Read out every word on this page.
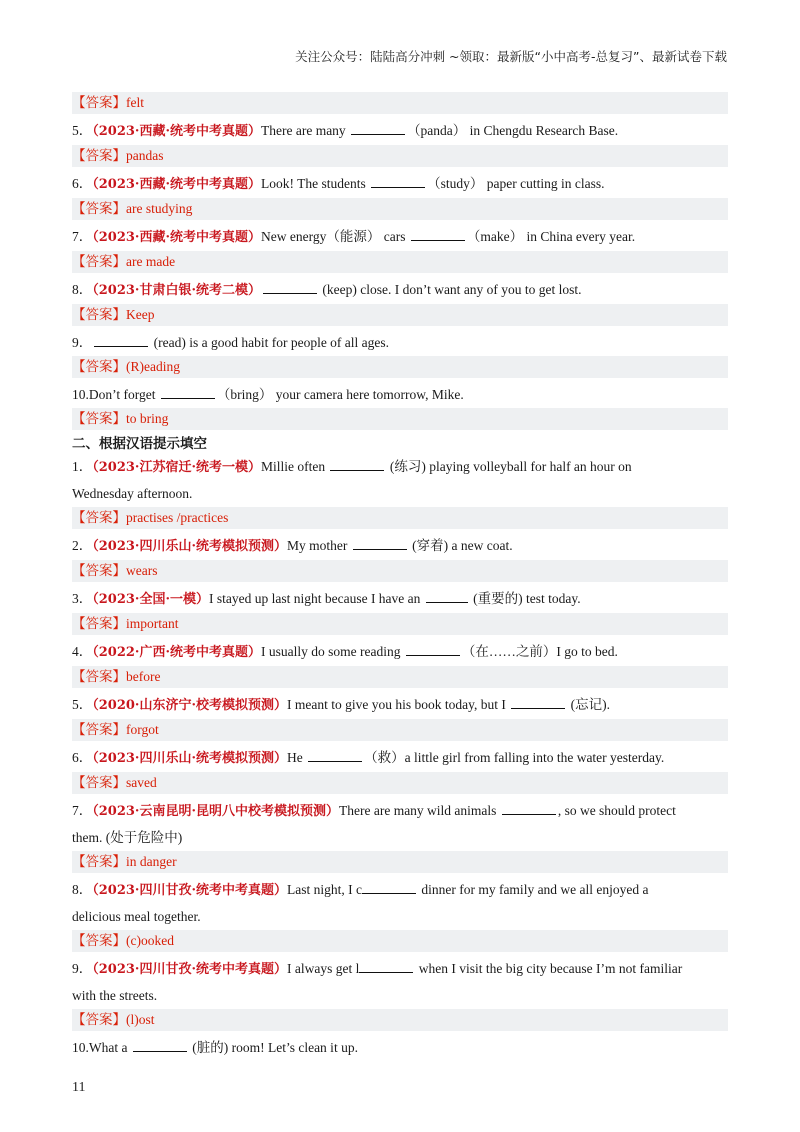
关注公众号：陆陆高分冲刺 ~领取：最新版“小中高考-总复习”、最新试卷下载
【答案】felt
5．（2023·西藏·统考中考真题）There are many	（panda） in Chengdu Research Base.
【答案】pandas
6．（2023·西藏·统考中考真题）Look! The students	（study） paper cutting in class.
【答案】are studying
7．（2023·西藏·统考中考真题）New energy（能源） cars	（make） in China every year.
【答案】are made
8．（2023·甘肃白银·统考二模）	(keep) close. I don’t want any of you to get lost.
【答案】Keep
9．	(read) is a good habit for people of all ages.
【答案】(R)eading
10.Don’t forget	（bring） your camera here tomorrow, Mike.
【答案】to bring
二、根据汉语提示填空
1．（2023·江苏宿迁·统考一模）Millie often	(练习) playing volleyball for half an hour on
Wednesday afternoon.
【答案】practises /practices
2．（2023·四川乐山·统考模拟预测）My mother	(穿着) a new coat.
【答案】wears
3．（2023·全国·一模）I stayed up last night because I have an	(重要的) test today.
【答案】important
4．（2022·广西·统考中考真题）I usually do some reading	（在……之前）I go to bed.
【答案】before
5．（2020·山东济宁·校考模拟预测）I meant to give you his book today, but I	(忘记).
【答案】forgot
6．（2023·四川乐山·统考模拟预测）He	（救）a little girl from falling into the water yesterday.
【答案】saved
7．（2023·云南昆明·昆明八中校考模拟预测）There are many wild animals	, so we should protect
them. (处于危险中)
【答案】in danger
8．（2023·四川甘孜·统考中考真题）Last night, I c	dinner for my family and we all enjoyed a
delicious meal together.
【答案】(c)ooked
9．（2023·四川甘孜·统考中考真题）I always get l	when I visit the big city because I’m not familiar
with the streets.
【答案】(l)ost
10.What a	(脏的) room! Let’s clean it up.
11
